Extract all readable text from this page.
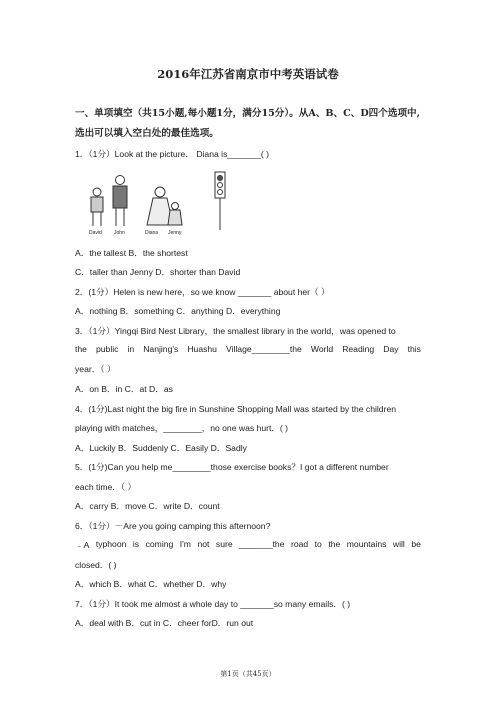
2016年江苏省南京市中考英语试卷
一、单项填空（共15小题,每小题1分，满分15分）。从A、B、C、D四个选项中,选出可以填入空白处的最佳选项。
1．（1分）Look at the picture． Diana is_______( )
David John	Diana Jenny
A．the tallest B．the shortest
C．taller than Jenny D．shorter than David
2．(1分）Helen is new here，so we know _______ about her（ ）
A．nothing B．something C．anything D．everything
3．（1分）Yingqi Bird Nest Library，the smallest library in the world，was opened to
the public in Nanjing's Huashu Village________the World Reading Day this
year．（ ）
A．on B．in C．at D．as
4．(1分)Last night the big fire in Sunshine Shopping Mall was started by the children
playing with matches，________，no one was hurt．( )
A．Luckily B．Suddenly C．Easily D．Sadly
5．(1分)Can you help me________those exercise books？I got a different number
each time．（ ）
A．carry B．move C．write D．count
6．（1分）－Are you going camping this afternoon?
﹣A typhoon is coming I'm not sure _______the road to the mountains will be
closed．( )
A．which B．what C．whether D．why
7．（1分）It took me almost a whole day to _______so many emails．( )
A．deal with B．cut in C．cheer forD．run out
第1页（共45页）
